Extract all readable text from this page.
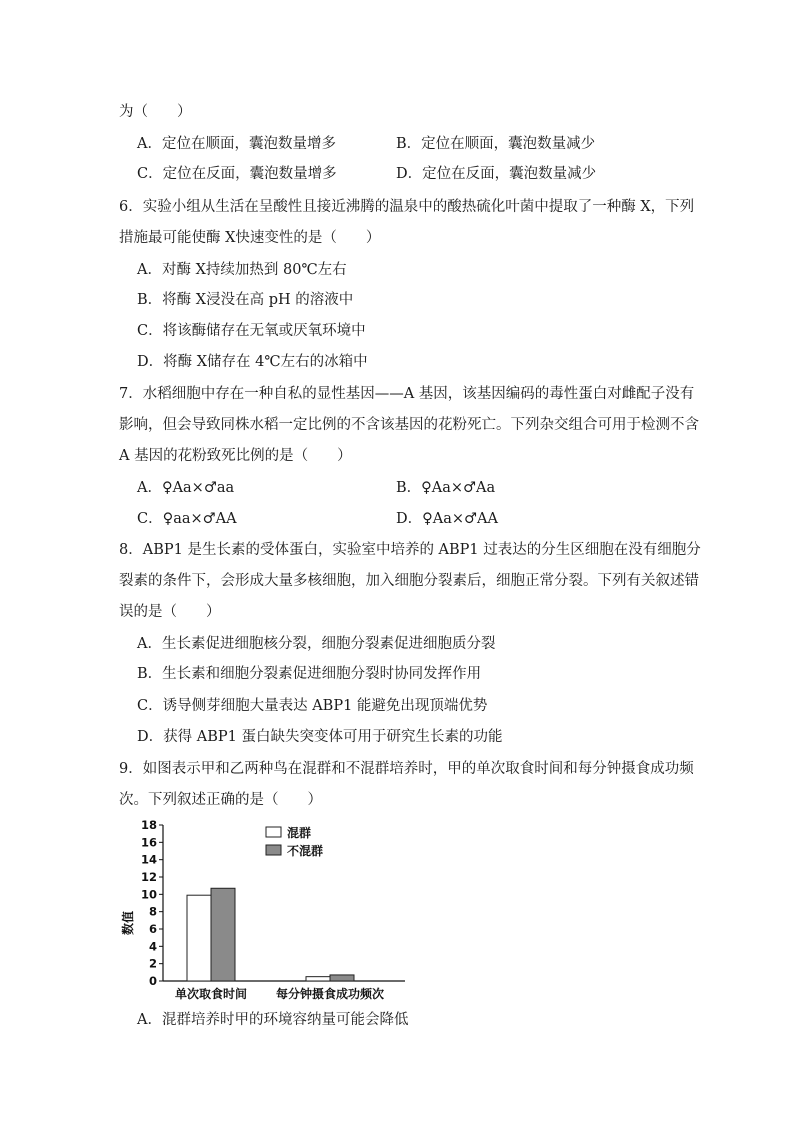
为（　　）
A．定位在顺面，囊泡数量增多	B．定位在顺面，囊泡数量减少
C．定位在反面，囊泡数量增多	D．定位在反面，囊泡数量减少
6．实验小组从生活在呈酸性且接近沸腾的温泉中的酸热硫化叶菌中提取了一种酶 X，下列
措施最可能使酶 X快速变性的是（　　）
A．对酶 X持续加热到 80℃左右
B．将酶 X浸没在高 pH 的溶液中
C．将该酶储存在无氧或厌氧环境中
D．将酶 X储存在 4℃左右的冰箱中
7．水稻细胞中存在一种自私的显性基因——A 基因，该基因编码的毒性蛋白对雌配子没有
影响，但会导致同株水稻一定比例的不含该基因的花粉死亡。下列杂交组合可用于检测不含
A 基因的花粉致死比例的是（　　）
A．♀Aa×♂aa	B．♀Aa×♂Aa
C．♀aa×♂AA	D．♀Aa×♂AA
8．ABP1 是生长素的受体蛋白，实验室中培养的 ABP1 过表达的分生区细胞在没有细胞分
裂素的条件下，会形成大量多核细胞，加入细胞分裂素后，细胞正常分裂。下列有关叙述错
误的是（　　）
A．生长素促进细胞核分裂，细胞分裂素促进细胞质分裂
B．生长素和细胞分裂素促进细胞分裂时协同发挥作用
C．诱导侧芽细胞大量表达 ABP1 能避免出现顶端优势
D．获得 ABP1 蛋白缺失突变体可用于研究生长素的功能
9．如图表示甲和乙两种鸟在混群和不混群培养时，甲的单次取食时间和每分钟摄食成功频
次。下列叙述正确的是（　　）
0
2
4
6
8
10
12
14
16
18
数值
单次取食时间 每分钟摄食成功频次
混群
不混群
A．混群培养时甲的环境容纳量可能会降低
